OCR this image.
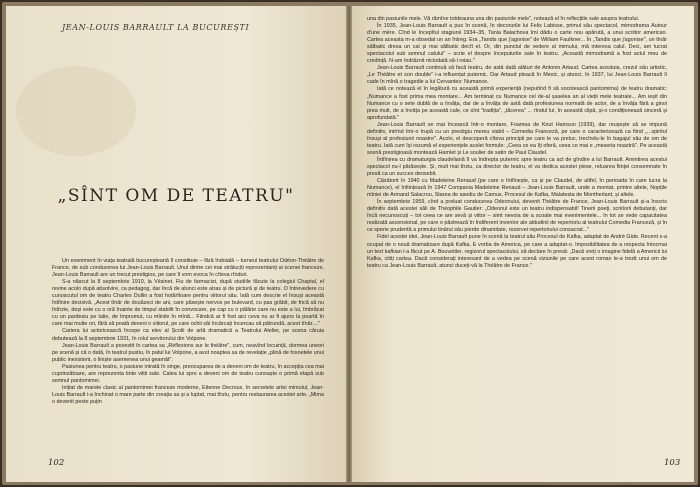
JEAN-LOUIS BARRAULT LA BUCUREȘTI
„SÎNT OM DE TEATRU"

Un eveniment în viața teatrală bucureșteană îl constituie – fără îndoială – turneul teatrului Odéon-Théâtre de France, de sub conducerea lui Jean-Louis Barrault. Unul dintre cei mai străluciți reprezentanți ai scenei franceze, Jean-Louis Barrault are un trecut prestigios, pe care îl vom evoca în cîteva rînduri.

S-a născut la 8 septembrie 1910, la Vésinet. Fiu de farmacist, după studiile făcute la colegiul Chaptal, el revine acolo după absolvire, ca pedagog, dar încă de atunci este atras și de pictură și de teatru. O întrevedere cu cunoscutul om de teatru Charles Dullin a fost hotărîtoare pentru viitorul său. Iată cum descrie el însuși această întîlnire decisivă. „Acest tînăr de douăzeci de ani, care păsește nervos pe bulevard, cu pas grăbit, de frică să nu întîrzie, deși este cu o oră înainte de timpul stabilit în convocare, pe cap cu o pălărie care nu este a lui, îmbrăcat cu un pardesiu pe talie, de împrumut, cu mîinile în mînă... Fiindcă ar fi fost aici ceva nu ar fi ajuns la poartă în care mai multe ori, fără să poată deveni o viitorul, pe care ochii săi încărcați încercau să pătrundă, acest tînăr...."

Cariera lui actoricească începe ca elev al Școlii de artă dramatică a Teatrului Atelier, pe scena căruia debutează la 8 septembrie 1931, în rolul servitorului din Volpone.

Jean-Louis Barrault a povestit în cartea sa „Réflexions sur le théâtre", cum, neavînd locuință, dormea uneori pe scenă și că o dată, în teatrul pustiu, în patul lui Volpone, a avut noaptea sa de revelație „plină de fosnetele unui public inexistent, o liniște asemenea unui geamăt".

Pasiunea pentru teatru, o pasiune intrată în singe, preocuparea de a deveni om de teatru, în accepția cea mai cuprinzătoare, are reprezenta tinte viitii sale. Calea lui spre a deveni om de teatru cunoaște o primă etapă sub semnul pantomimei.

Inițiat de marele clasic al pantomimei franceze moderne, Etienne Decroux, în secretele artei mimului, Jean-Louis Barrault i-a închinat o mare parte din creația sa și a luptat, mai tîrziu, pentru restaurarea acestei arte. „Mima o devenit peste puțin

102

una din pasiunile mele. Vă rămîne totdeauna una din pasiunile mele", notează el în reflecțiile sale asupra teatrului.

În 1935, Jean-Louis Barrault a pus în scenă, în decorurile lui Felix Labisse, primul său spectacol, mimodrama Autour d'une mère. Cînd le începîtul stagiunii 1934–35, Tania Balachova îmi dădu o carte nou apărută, a unui scriitor american. Cartea aceasta m-a obsedat un an întreg. Era „Tandis que j'agonise" de William Faulkner... În „Tandis que j'agonise", un tînăr sălbatic dresa un cal și mai sălbatic decît el. Or, din punctul de vedere al mimului, mă interesa calul. Deci, am lucrat spectacolul sub semnul calului" – scrie el despre începuturile sale în teatru. „Această mimodramă a fost actul meu de credință. N-am îndrăznit niciodată să-l reiau."

Jean-Louis Barrault continuă să facă teatru, de astă dată alături de Antonin Artaud. Cartea acestuia, crezul său artistic, „Le Théâtre et son double" i-a influențat puternic. Dar Artaud pleacă în Mexic, și atunci, în 1937, lui Jean-Louis Barrault îi cade în mînă o tragedie a lui Cervantes: Numance.

Iată ce notează el în legătură cu această primă experiență (neputînd fi să socotească pantomima) de teatru dramatic: „Numance a fost prima mea montare... Am terminat cu Numance cel de-al șaselea an al vieții mele teatrale... Am ieșit din Numance cu o sete dublă de a învăța, dar de a învăța de astă dată profesiunea normală de actor, de a învăța fără a ginoi prea mult, de a învăța pe această cale, ce sînt "tradiția", „tăcerea" ... rîndul lui, în această clipă, și-o condiționează sinceră și aprofundată."

Jean-Louis Barrault se mai încearcă într-o montare, Foamea de Knut Hamsun (1939), dar reușește să se impună definitiv, intrînd într-o trupă cu un prestigiu mereu viabil – Comedia Franceză, pe care o caracterizează ca fiind „...spiritul însuși al profesiunii noastre". Acolo, el descoperă cîteva principii pe care le va preluc, trecîndu-le în bagajul său de om de teatru. Iată cum își rezumă el experiențele acelei formule: „Ceea ce ea îți oferă, ceea ce mai e „meseria noastră". Pe această scenă prestigioasă montează Hamlet și Le soulier de satin de Paul Claudel.

Întîlnirea cu dramaturgia claudeliană îl va îndrepta puternic spre teatru ca act de gîndire a lui Barrault. Amintirea acestui spectacol nu-l părăsește. Și, mult mai tîrziu, ca director de teatru, el va dedica acestei piese, reluarea ființei consemnate în presă ca un succes deosebit.

Căsătorit în 1940 cu Madeleine Renaud (pe care o întîlnește, ca și pe Claudel, de altfel, în perioada în care lucra la Numance), el înființează în 1947 Compania Madeleine Renaud – Jean-Louis Barrault, unde a montat, printre altele, Nopțile mîniei de Armand Salacrou, Starea de asediu de Camus, Procesul de Kafka, Malatesta de Montherlant, și altele.

În septembrie 1959, cînd a preluat conducerea Odeonului, devenit Théâtre de France, Jean-Louis Barrault și-a înscris definitiv dată acestei săli de Théophile Gautier: „Odeonul este un teatru indispensabil! Tinerii poeți, scriitorii debutanți, dar încă necunoscuți – tot ceea ce are sevă și viitor – simt nevoia de a scoate mai evenimentele... în tot se vede capacitatea realizată ascensional, pe care o păstrează în Indiferent inventor ale atitudinii de repertoriu al teatrului Comedia Franceză, și în ce sperie prudentă a primului tinărul său pierde dinamitate, rezervei repertoriului consacrat..."

Fidel acestei idei, Jean-Louis Barrault pune în scenă la teatrul său Procesul de Kafka, adaptat de André Gide. Recent s-a ocupat de o nouă dramatizare după Kafka, E vorba de America, pe care a adaptat-o. Imposibilitatea de a respecta întocmai un text kafkian l-a făcut pe A. Bouvetiler, regizorul spectacolului, să declare în presă: „Dacă vreți o imagine fidelă a Americii lui Kafka, citiți cartea. Dacă considerați interesant de a vedea pe scenă viziunile pe care acest roman le-a trezit unui om de teatru ca Jean-Louis Barrault, atunci duceți-vă la Théâtre de France."

103
